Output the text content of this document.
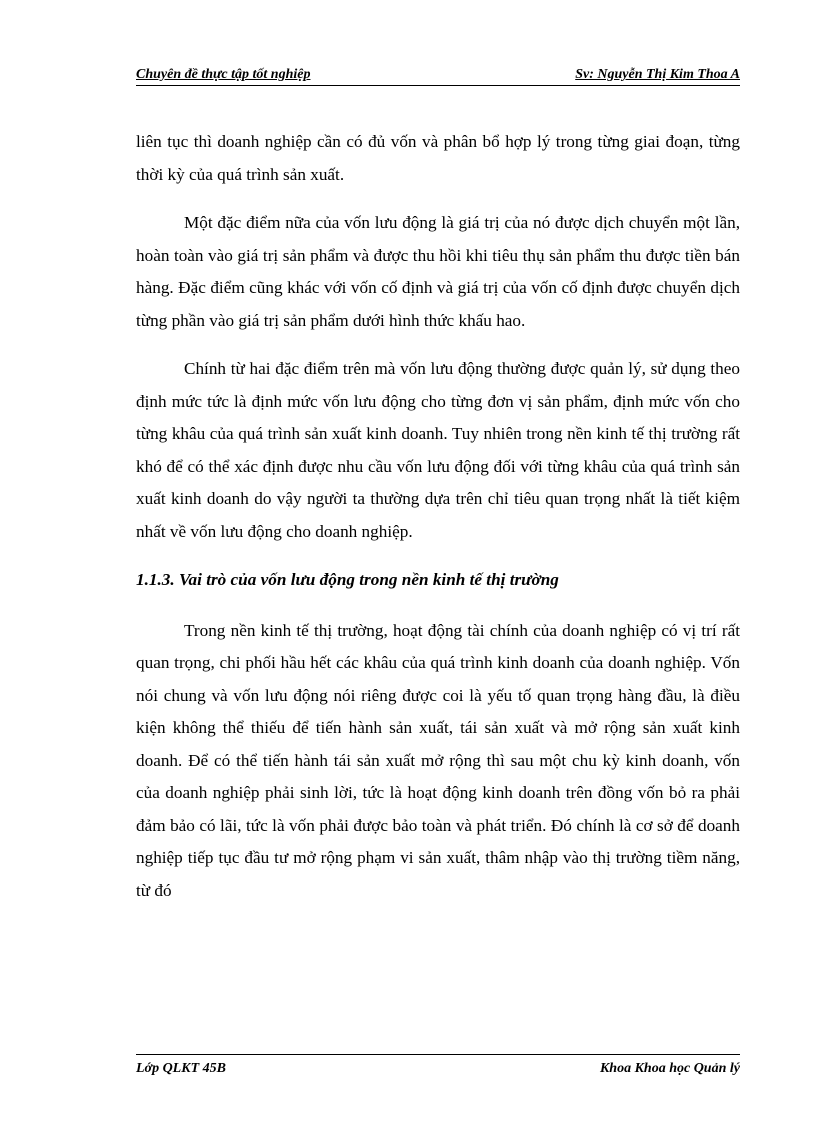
Chuyên đề thực tập tốt nghiệp	Sv: Nguyễn Thị Kim Thoa A

liên tục thì doanh nghiệp cần có đủ vốn và phân bổ hợp lý trong từng giai đoạn, từng thời kỳ của quá trình sản xuất.

Một đặc điểm nữa của vốn lưu động là giá trị của nó được dịch chuyển một lần, hoàn toàn vào giá trị sản phẩm và được thu hồi khi tiêu thụ sản phẩm thu được tiền bán hàng. Đặc điểm cũng khác với vốn cố định và giá trị của vốn cố định được chuyển dịch từng phần vào giá trị sản phẩm dưới hình thức khấu hao.

Chính từ hai đặc điểm trên mà vốn lưu động thường được quản lý, sử dụng theo định mức tức là định mức vốn lưu động cho từng đơn vị sản phẩm, định mức vốn cho từng khâu của quá trình sản xuất kinh doanh. Tuy nhiên trong nền kinh tế thị trường rất khó để có thể xác định được nhu cầu vốn lưu động đối với từng khâu của quá trình sản xuất kinh doanh do vậy người ta thường dựa trên chỉ tiêu quan trọng nhất là tiết kiệm nhất về vốn lưu động cho doanh nghiệp.

1.1.3. Vai trò của vốn lưu động trong nền kinh tế thị trường

Trong nền kinh tế thị trường, hoạt động tài chính của doanh nghiệp có vị trí rất quan trọng, chi phối hầu hết các khâu của quá trình kinh doanh của doanh nghiệp. Vốn nói chung và vốn lưu động nói riêng được coi là yếu tố quan trọng hàng đầu, là điều kiện không thể thiếu để tiến hành sản xuất, tái sản xuất và mở rộng sản xuất kinh doanh. Để có thể tiến hành tái sản xuất mở rộng thì sau một chu kỳ kinh doanh, vốn của doanh nghiệp phải sinh lời, tức là hoạt động kinh doanh trên đồng vốn bỏ ra phải đảm bảo có lãi, tức là vốn phải được bảo toàn và phát triển. Đó chính là cơ sở để doanh nghiệp tiếp tục đầu tư mở rộng phạm vi sản xuất, thâm nhập vào thị trường tiềm năng, từ đó

Lớp QLKT 45B	Khoa Khoa học Quản lý
